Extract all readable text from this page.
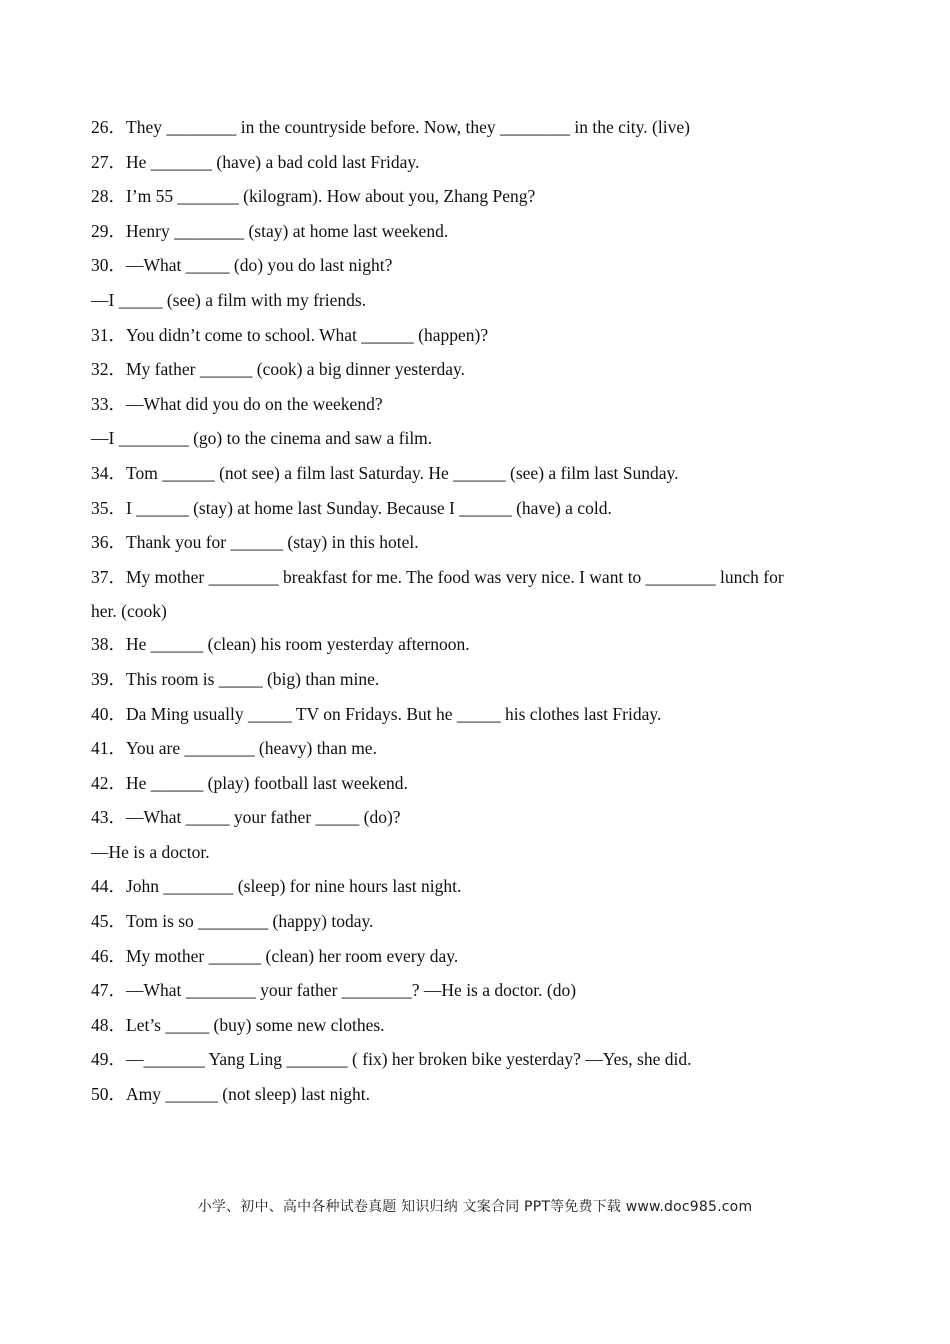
26．They ________ in the countryside before. Now, they ________ in the city. (live)
27．He _______ (have) a bad cold last Friday.
28．I’m 55 _______ (kilogram). How about you, Zhang Peng?
29．Henry ________ (stay) at home last weekend.
30．—What _____ (do) you do last night?
—I _____ (see) a film with my friends.
31．You didn’t come to school. What ______ (happen)?
32．My father ______ (cook) a big dinner yesterday.
33．—What did you do on the weekend?
—I ________ (go) to the cinema and saw a film.
34．Tom ______ (not see) a film last Saturday. He ______ (see) a film last Sunday.
35．I ______ (stay) at home last Sunday. Because I ______ (have) a cold.
36．Thank you for ______ (stay) in this hotel.
37．My mother ________ breakfast for me. The food was very nice. I want to ________ lunch for
her. (cook)
38．He ______ (clean) his room yesterday afternoon.
39．This room is _____ (big) than mine.
40．Da Ming usually _____ TV on Fridays. But he _____ his clothes last Friday.
41．You are ________ (heavy) than me.
42．He ______ (play) football last weekend.
43．—What _____ your father _____ (do)?
—He is a doctor.
44．John ________ (sleep) for nine hours last night.
45．Tom is so ________ (happy) today.
46．My mother ______ (clean) her room every day.
47．—What ________ your father ________? —He is a doctor. (do)
48．Let’s _____ (buy) some new clothes.
49．—_______ Yang Ling _______ ( fix) her broken bike yesterday? —Yes, she did.
50．Amy ______ (not sleep) last night.
小学、初中、高中各种试卷真题 知识归纳 文案合同 PPT等免费下载 www.doc985.com
